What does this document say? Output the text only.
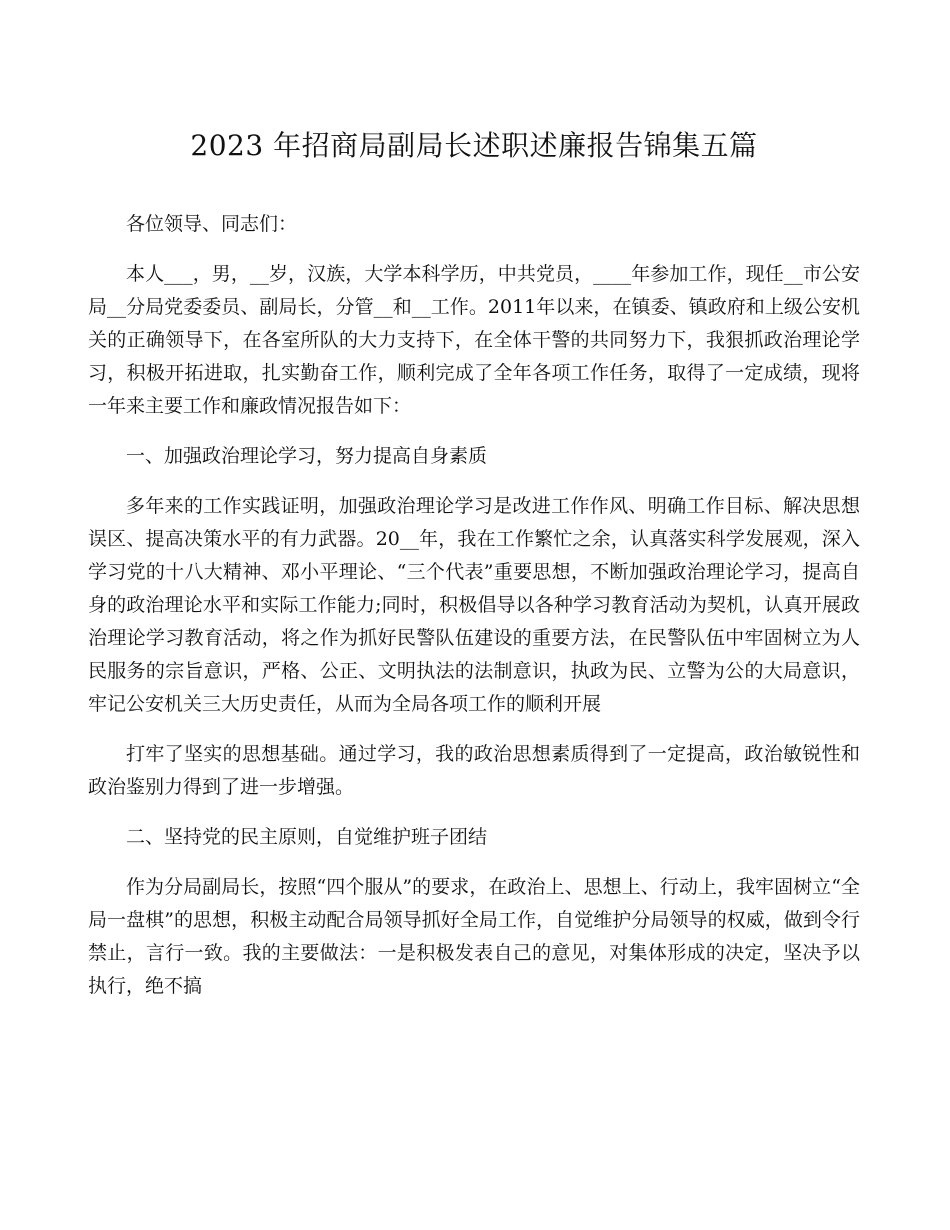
2023 年招商局副局长述职述廉报告锦集五篇

各位领导、同志们：

本人___，男，__岁，汉族，大学本科学历，中共党员，____年参加工作，现任__市公安局__分局党委委员、副局长，分管__和__工作。2011年以来，在镇委、镇政府和上级公安机关的正确领导下，在各室所队的大力支持下，在全体干警的共同努力下，我狠抓政治理论学习，积极开拓进取，扎实勤奋工作，顺利完成了全年各项工作任务，取得了一定成绩，现将一年来主要工作和廉政情况报告如下：

一、加强政治理论学习，努力提高自身素质

多年来的工作实践证明，加强政治理论学习是改进工作作风、明确工作目标、解决思想误区、提高决策水平的有力武器。20__年，我在工作繁忙之余，认真落实科学发展观，深入学习党的十八大精神、邓小平理论、“三个代表”重要思想，不断加强政治理论学习，提高自身的政治理论水平和实际工作能力;同时，积极倡导以各种学习教育活动为契机，认真开展政治理论学习教育活动，将之作为抓好民警队伍建设的重要方法，在民警队伍中牢固树立为人民服务的宗旨意识，严格、公正、文明执法的法制意识，执政为民、立警为公的大局意识，牢记公安机关三大历史责任，从而为全局各项工作的顺利开展

打牢了坚实的思想基础。通过学习，我的政治思想素质得到了一定提高，政治敏锐性和政治鉴别力得到了进一步增强。

二、坚持党的民主原则，自觉维护班子团结

作为分局副局长，按照“四个服从”的要求，在政治上、思想上、行动上，我牢固树立“全局一盘棋”的思想，积极主动配合局领导抓好全局工作，自觉维护分局领导的权威，做到令行禁止，言行一致。我的主要做法：一是积极发表自己的意见，对集体形成的决定，坚决予以执行，绝不搞
